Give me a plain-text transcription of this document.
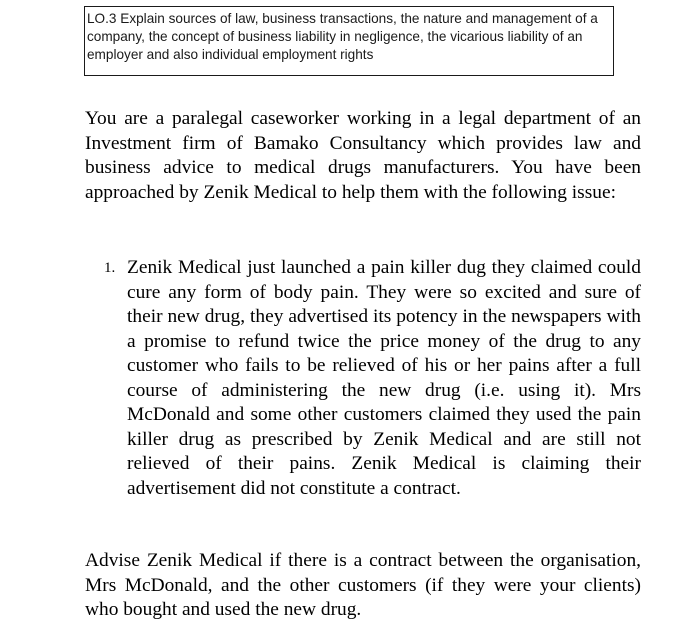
LO.3 Explain sources of law, business transactions, the nature and management of a company, the concept of business liability in negligence, the vicarious liability of an employer and also individual employment rights

You are a paralegal caseworker working in a legal department of an Investment firm of Bamako Consultancy which provides law and business advice to medical drugs manufacturers. You have been approached by Zenik Medical to help them with the following issue:

1. Zenik Medical just launched a pain killer dug they claimed could cure any form of body pain. They were so excited and sure of their new drug, they advertised its potency in the newspapers with a promise to refund twice the price money of the drug to any customer who fails to be relieved of his or her pains after a full course of administering the new drug (i.e. using it). Mrs McDonald and some other customers claimed they used the pain killer drug as prescribed by Zenik Medical and are still not relieved of their pains. Zenik Medical is claiming their advertisement did not constitute a contract.

Advise Zenik Medical if there is a contract between the organisation, Mrs McDonald, and the other customers (if they were your clients) who bought and used the new drug.
